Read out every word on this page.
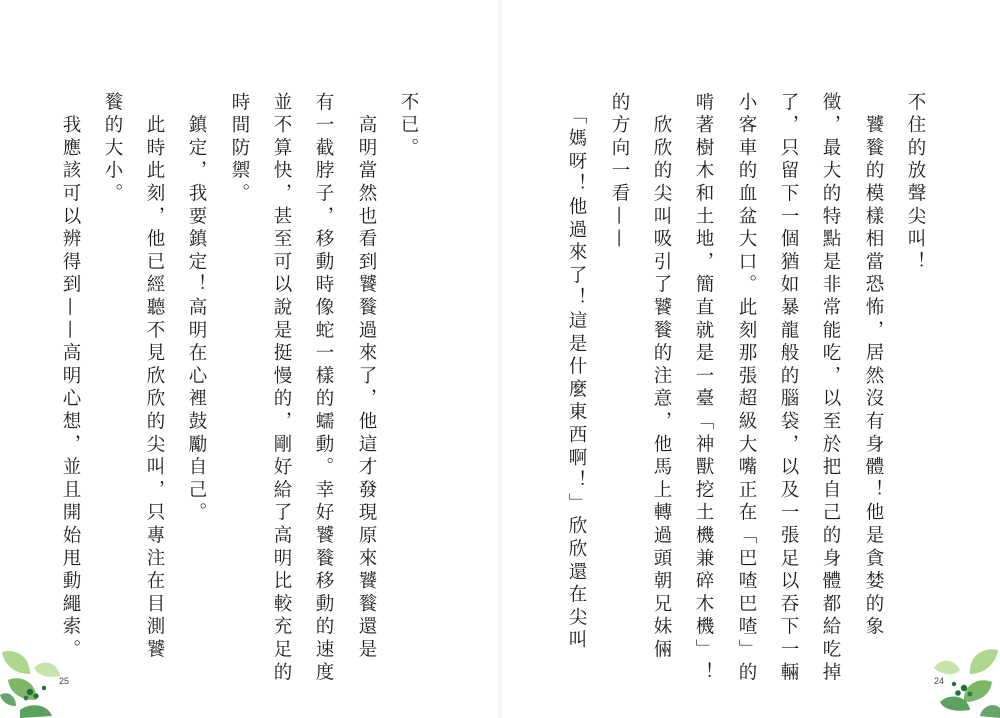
不住的放聲尖叫！
　饕餮的模樣相當恐怖，居然沒有身體！他是貪婪的象
徵，最大的特點是非常能吃，以至於把自己的身體都給吃掉
了，只留下一個猶如暴龍般的腦袋，以及一張足以吞下一輛
小客車的血盆大口。此刻那張超級大嘴正在「巴喳巴喳」的
啃著樹木和土地，簡直就是一臺「神獸挖土機兼碎木機」！
　欣欣的尖叫吸引了饕餮的注意，他馬上轉過頭朝兄妹倆
的方向一看——
　「媽呀！他過來了！這是什麼東西啊！」欣欣還在尖叫
24
不已。
　高明當然也看到饕餮過來了，他這才發現原來饕餮還是
有一截脖子，移動時像蛇一樣的蠕動。幸好饕餮移動的速度
並不算快，甚至可以說是挺慢的，剛好給了高明比較充足的
時間防禦。
　鎮定，我要鎮定！高明在心裡鼓勵自己。
　此時此刻，他已經聽不見欣欣的尖叫，只專注在目測饕
餮的大小。
　我應該可以辨得到——高明心想，並且開始甩動繩索。
25
